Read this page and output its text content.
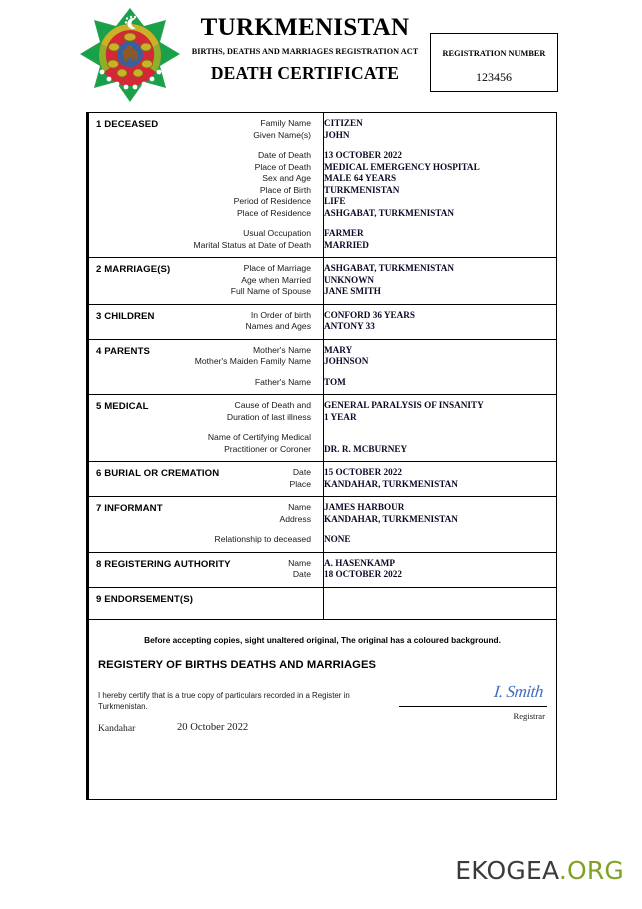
TURKMENISTAN
BIRTHS, DEATHS AND MARRIAGES REGISTRATION ACT
DEATH CERTIFICATE
REGISTRATION NUMBER
123456
1 DECEASED	Family Name	CITIZEN
Given Name(s)	JOHN
Date of Death	13 OCTOBER 2022
Place of Death	MEDICAL EMERGENCY HOSPITAL
Sex and Age	MALE 64 YEARS
Place of Birth	TURKMENISTAN
Period of Residence	LIFE
Place of Residence	ASHGABAT, TURKMENISTAN
Usual Occupation	FARMER
Marital Status at Date of Death	MARRIED
2 MARRIAGE(S)	Place of Marriage	ASHGABAT, TURKMENISTAN
Age when Married	UNKNOWN
Full Name of Spouse	JANE SMITH
3 CHILDREN	In Order of birth	CONFORD 36 YEARS
Names and Ages	ANTONY 33
4 PARENTS	Mother's Name	MARY
Mother's Maiden Family Name	JOHNSON
Father's Name	TOM
5 MEDICAL	Cause of Death and	GENERAL PARALYSIS OF INSANITY
Duration of last illness	1 YEAR
Name of Certifying Medical
Practitioner or Coroner	DR. R. MCBURNEY
6 BURIAL OR CREMATION	Date	15 OCTOBER 2022
Place	KANDAHAR, TURKMENISTAN
7 INFORMANT	Name	JAMES HARBOUR
Address	KANDAHAR, TURKMENISTAN
Relationship to deceased	NONE
8 REGISTERING AUTHORITY	Name	A. HASENKAMP
Date	18 OCTOBER 2022
9 ENDORSEMENT(S)
Before accepting copies, sight unaltered original, The original has a coloured background.
REGISTERY OF BIRTHS DEATHS AND MARRIAGES
I hereby certify that is a true copy of particulars recorded in a Register in Turkmenistan.
Kandahar	20 October 2022
I. Smith
Registrar
EKOGEA.ORG
